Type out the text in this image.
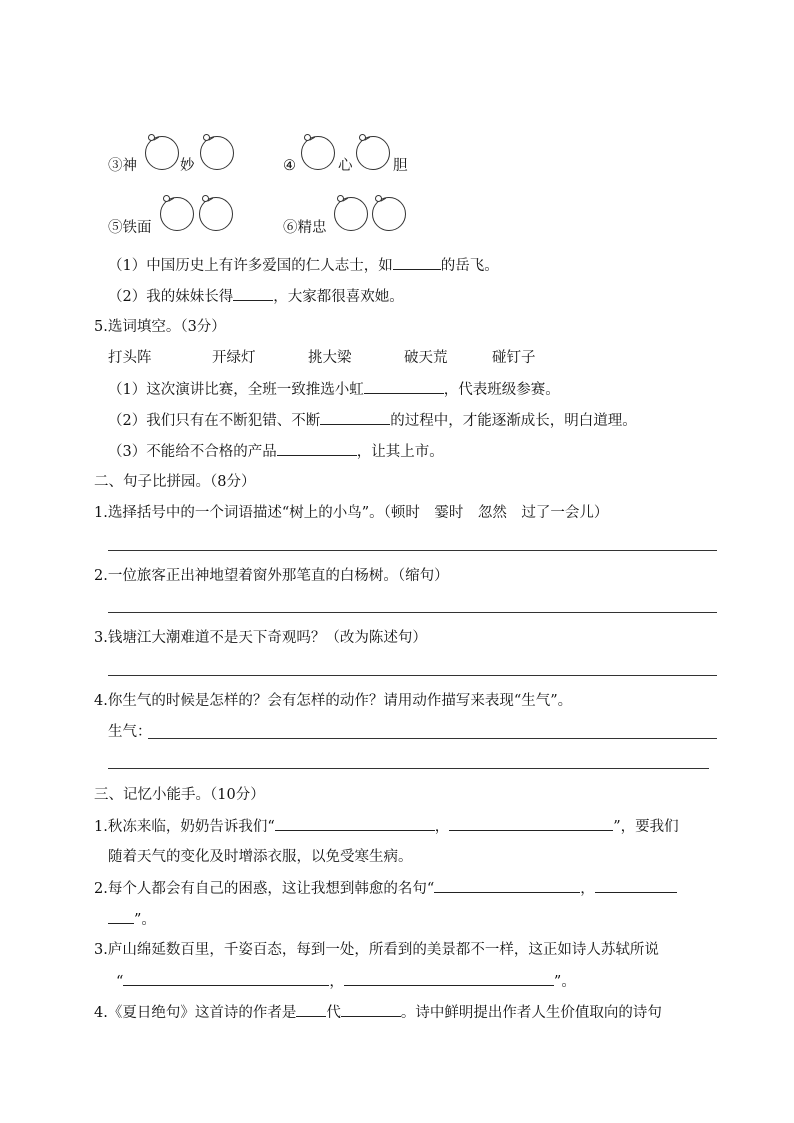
③神	妙	④	心	胆
⑤铁面	⑥精忠
（1）中国历史上有许多爱国的仁人志士，如	的岳飞。
（2）我的妹妹长得	，大家都很喜欢她。
5.选词填空。（3分）
打头阵	开绿灯	挑大梁	破天荒	碰钉子
（1）这次演讲比赛，全班一致推选小虹	，代表班级参赛。
（2）我们只有在不断犯错、不断	的过程中，才能逐渐成长，明白道理。
（3）不能给不合格的产品	，让其上市。
二、句子比拼园。（8分）
1.选择括号中的一个词语描述“树上的小鸟”。（顿时　霎时　忽然　过了一会儿）
2.一位旅客正出神地望着窗外那笔直的白杨树。（缩句）
3.钱塘江大潮难道不是天下奇观吗？（改为陈述句）
4.你生气的时候是怎样的？会有怎样的动作？请用动作描写来表现“生气”。
生气：
三、记忆小能手。（10分）
1.秋冻来临，奶奶告诉我们“	，	”，要我们
随着天气的变化及时增添衣服，以免受寒生病。
2.每个人都会有自己的困惑，这让我想到韩愈的名句“	，
”。
3.庐山绵延数百里，千姿百态，每到一处，所看到的美景都不一样，这正如诗人苏轼所说
“	，	”。
4.《夏日绝句》这首诗的作者是 代	。诗中鲜明提出作者人生价值取向的诗句
